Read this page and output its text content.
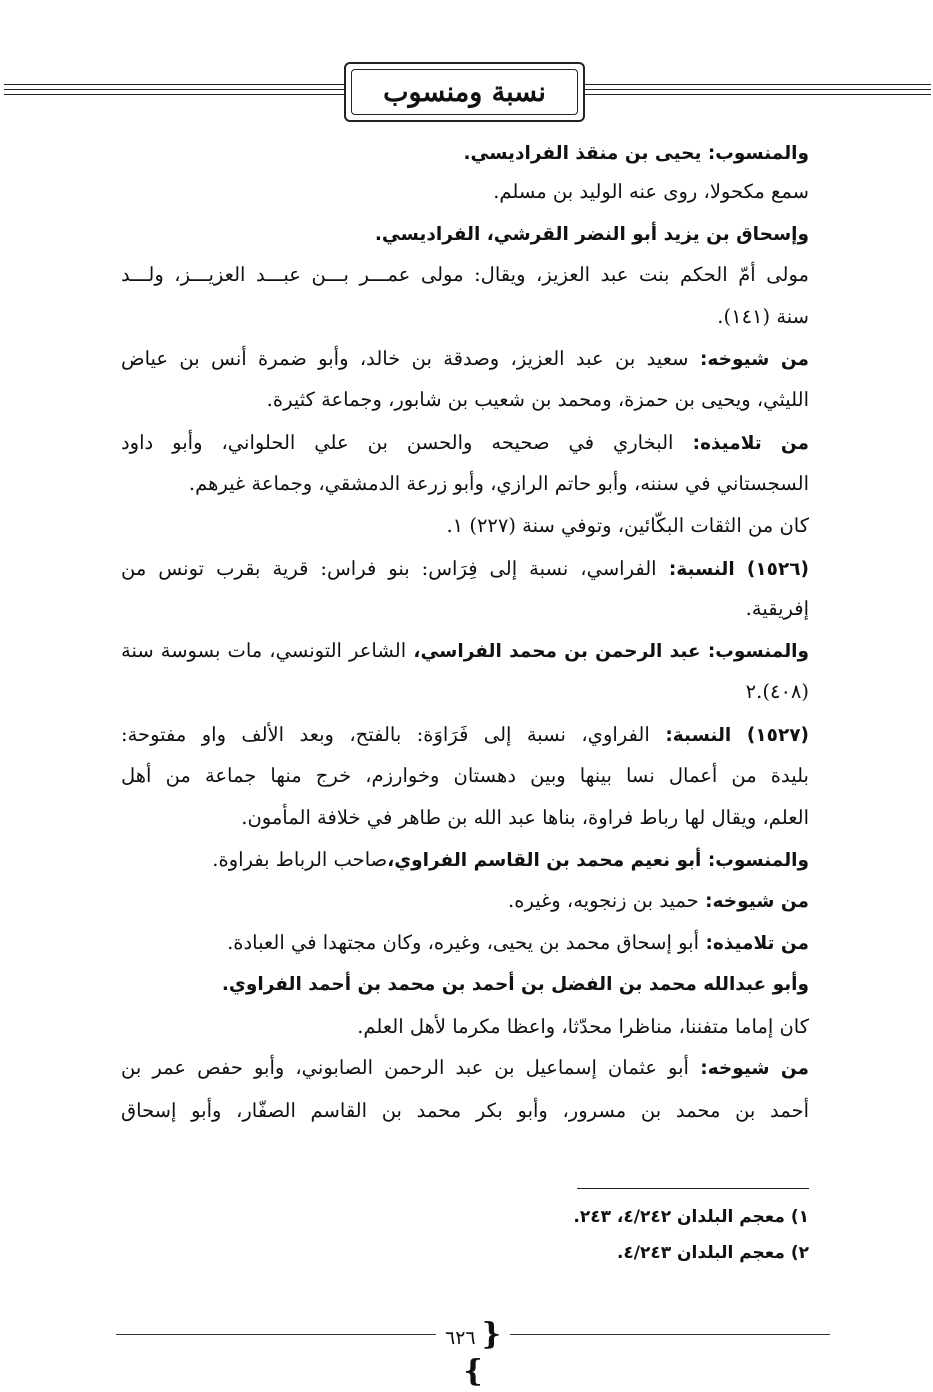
نسبة ومنسوب
والمنسوب: يحيى بن منقذ الفراديسي.
سمع مكحولا، روى عنه الوليد بن مسلم.
وإسحاق بن يزيد أبو النضر القرشي، الفراديسي.
مولى أمّ الحكم بنت عبد العزيز، ويقال: مولى عمـــر بـــن عبـــد العزيـــز، ولـــد
سنة (١٤١).
من شيوخه: سعيد بن عبد العزيز، وصدقة بن خالد، وأبو ضمرة أنس بن عياض
الليثي، ويحيى بن حمزة، ومحمد بن شعيب بن شابور، وجماعة كثيرة.
من تلاميذه: البخاري في صحيحه والحسن بن علي الحلواني، وأبو داود
السجستاني في سننه، وأبو حاتم الرازي، وأبو زرعة الدمشقي، وجماعة غيرهم.
كان من الثقات البكّائين، وتوفي سنة (٢٢٧) ١.
(١٥٢٦) النسبة: الفراسي، نسبة إلى فِرَاس: بنو فراس: قرية بقرب تونس من
إفريقية.
والمنسوب: عبد الرحمن بن محمد الفراسي، الشاعر التونسي، مات بسوسة سنة
(٤٠٨).٢
(١٥٢٧) النسبة: الفراوي، نسبة إلى فَرَاوَة: بالفتح، وبعد الألف واو مفتوحة:
بليدة من أعمال نسا بينها وبين دهستان وخوارزم، خرج منها جماعة من أهل
العلم، ويقال لها رباط فراوة، بناها عبد الله بن طاهر في خلافة المأمون.
والمنسوب: أبو نعيم محمد بن القاسم الفراوي،صاحب الرباط بفراوة.
من شيوخه: حميد بن زنجويه، وغيره.
من تلاميذه: أبو إسحاق محمد بن يحيى، وغيره، وكان مجتهدا في العبادة.
وأبو عبدالله محمد بن الفضل بن أحمد بن محمد بن أحمد الفراوي.
كان إماما متفننا، مناظرا محدّثا، واعظا مكرما لأهل العلم.
من شيوخه: أبو عثمان إسماعيل بن عبد الرحمن الصابوني، وأبو حفص عمر بن
أحمد بن محمد بن مسرور، وأبو بكر محمد بن القاسم الصفّار، وأبو إسحاق
١) معجم البلدان ٤/٢٤٢، ٢٤٣.
٢) معجم البلدان ٤/٢٤٣.
{ ٦٢٦ }
